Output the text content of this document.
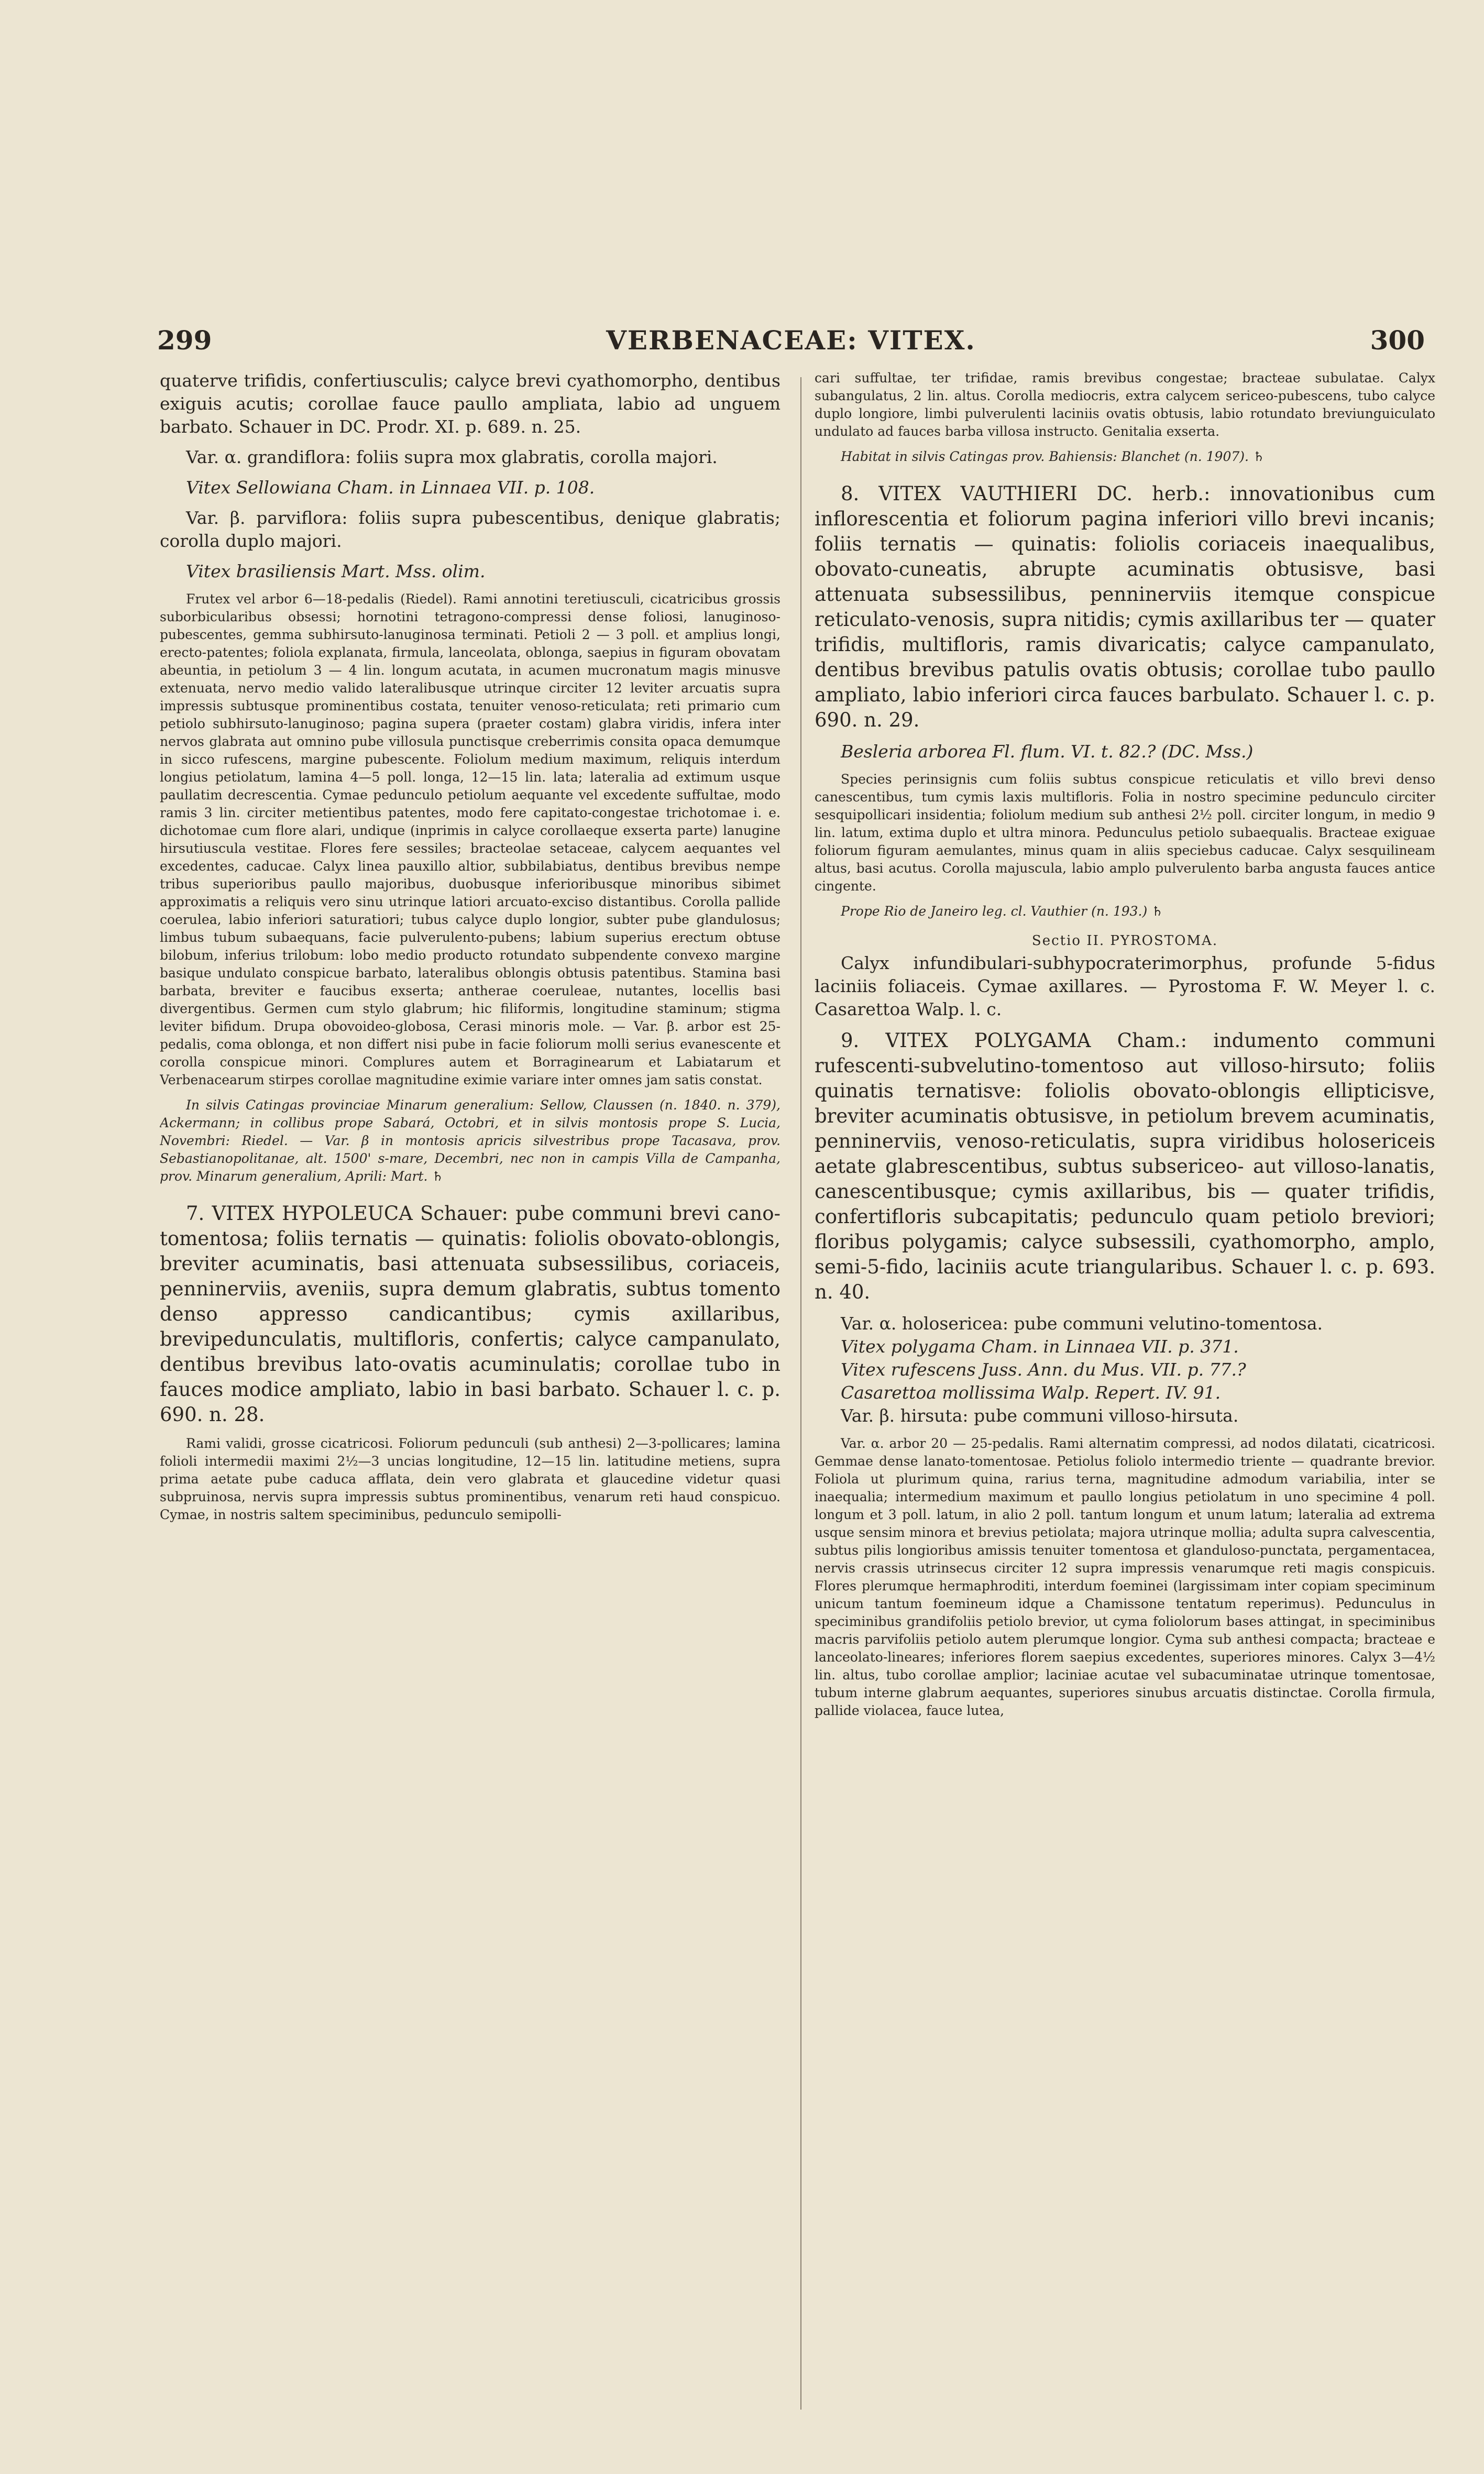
299	VERBENACEAE: VITEX.	300

quaterve trifidis, confertiusculis; calyce brevi cyathomorpho, dentibus exiguis acutis; corollae fauce paullo ampliata, labio ad unguem barbato. Schauer in DC. Prodr. XI. p. 689. n. 25.

Var. α. grandiflora: foliis supra mox glabratis, corolla majori.

Vitex Sellowiana Cham. in Linnaea VII. p. 108.

Var. β. parviflora: foliis supra pubescentibus, denique glabratis; corolla duplo majori.

Vitex brasiliensis Mart. Mss. olim.

Frutex vel arbor 6—18-pedalis (Riedel). Rami annotini teretiusculi, cicatricibus grossis suborbicularibus obsessi; hornotini tetragono-compressi dense foliosi, lanuginoso-pubescentes, gemma subhirsuto-lanuginosa terminati. Petioli 2 — 3 poll. et amplius longi, erecto-patentes; foliola explanata, firmula, lanceolata, oblonga, saepius in figuram obovatam abeuntia, in petiolum 3 — 4 lin. longum acutata, in acumen mucronatum magis minusve extenuata, nervo medio valido lateralibusque utrinque circiter 12 leviter arcuatis supra impressis subtusque prominentibus costata, tenuiter venoso-reticulata; reti primario cum petiolo subhirsuto-lanuginoso; pagina supera (praeter costam) glabra viridis, infera inter nervos glabrata aut omnino pube villosula punctisque creberrimis consita opaca demumque in sicco rufescens, margine pubescente. Foliolum medium maximum, reliquis interdum longius petiolatum, lamina 4—5 poll. longa, 12—15 lin. lata; lateralia ad extimum usque paullatim decrescentia. Cymae pedunculo petiolum aequante vel excedente suffultae, modo ramis 3 lin. circiter metientibus patentes, modo fere capitato-congestae trichotomae i. e. dichotomae cum flore alari, undique (inprimis in calyce corollaeque exserta parte) lanugine hirsutiuscula vestitae. Flores fere sessiles; bracteolae setaceae, calycem aequantes vel excedentes, caducae. Calyx linea pauxillo altior, subbilabiatus, dentibus brevibus nempe tribus superioribus paullo majoribus, duobusque inferioribusque minoribus sibimet approximatis a reliquis vero sinu utrinque latiori arcuato-exciso distantibus. Corolla pallide coerulea, labio inferiori saturatiori; tubus calyce duplo longior, subter pube glandulosus; limbus tubum subaequans, facie pulverulento-pubens; labium superius erectum obtuse bilobum, inferius trilobum: lobo medio producto rotundato subpendente convexo margine basique undulato conspicue barbato, lateralibus oblongis obtusis patentibus. Stamina basi barbata, breviter e faucibus exserta; antherae coeruleae, nutantes, locellis basi divergentibus. Germen cum stylo glabrum; hic filiformis, longitudine staminum; stigma leviter bifidum. Drupa obovoideo-globosa, Cerasi minoris mole. — Var. β. arbor est 25-pedalis, coma oblonga, et non differt nisi pube in facie foliorum molli serius evanescente et corolla conspicue minori. Complures autem et Borraginearum et Labiatarum et Verbenacearum stirpes corollae magnitudine eximie variare inter omnes jam satis constat.

In silvis Catingas provinciae Minarum generalium: Sellow, Claussen (n. 1840. n. 379), Ackermann; in collibus prope Sabará, Octobri, et in silvis montosis prope S. Lucia, Novembri: Riedel. — Var. β in montosis apricis silvestribus prope Tacasava, prov. Sebastianopolitanae, alt. 1500' s-mare, Decembri, nec non in campis Villa de Campanha, prov. Minarum generalium, Aprili: Mart. ♄

7. VITEX HYPOLEUCA Schauer: pube communi brevi cano-tomentosa; foliis ternatis — quinatis: foliolis obovato-oblongis, breviter acuminatis, basi attenuata subsessilibus, coriaceis, penninerviis, aveniis, supra demum glabratis, subtus tomento denso appresso candicantibus; cymis axillaribus, brevipedunculatis, multifloris, confertis; calyce campanulato, dentibus brevibus lato-ovatis acuminulatis; corollae tubo in fauces modice ampliato, labio in basi barbato. Schauer l. c. p. 690. n. 28.

Rami validi, grosse cicatricosi. Foliorum pedunculi (sub anthesi) 2—3-pollicares; lamina folioli intermedii maximi 2½—3 uncias longitudine, 12—15 lin. latitudine metiens, supra prima aetate pube caduca afflata, dein vero glabrata et glaucedine videtur quasi subpruinosa, nervis supra impressis subtus prominentibus, venarum reti haud conspicuo. Cymae, in nostris saltem speciminibus, pedunculo semipolli-

cari suffultae, ter trifidae, ramis brevibus congestae; bracteae subulatae. Calyx subangulatus, 2 lin. altus. Corolla mediocris, extra calycem sericeo-pubescens, tubo calyce duplo longiore, limbi pulverulenti laciniis ovatis obtusis, labio rotundato breviunguiculato undulato ad fauces barba villosa instructo. Genitalia exserta.

Habitat in silvis Catingas prov. Bahiensis: Blanchet (n. 1907). ♄

8. VITEX VAUTHIERI DC. herb.: innovationibus cum inflorescentia et foliorum pagina inferiori villo brevi incanis; foliis ternatis — quinatis: foliolis coriaceis inaequalibus, obovato-cuneatis, abrupte acuminatis obtusisve, basi attenuata subsessilibus, penninerviis itemque conspicue reticulato-venosis, supra nitidis; cymis axillaribus ter — quater trifidis, multifloris, ramis divaricatis; calyce campanulato, dentibus brevibus patulis ovatis obtusis; corollae tubo paullo ampliato, labio inferiori circa fauces barbulato. Schauer l. c. p. 690. n. 29.

Besleria arborea Fl. flum. VI. t. 82.? (DC. Mss.)

Species perinsignis cum foliis subtus conspicue reticulatis et villo brevi denso canescentibus, tum cymis laxis multifloris. Folia in nostro specimine pedunculo circiter sesquipollicari insidentia; foliolum medium sub anthesi 2½ poll. circiter longum, in medio 9 lin. latum, extima duplo et ultra minora. Pedunculus petiolo subaequalis. Bracteae exiguae foliorum figuram aemulantes, minus quam in aliis speciebus caducae. Calyx sesquilineam altus, basi acutus. Corolla majuscula, labio amplo pulverulento barba angusta fauces antice cingente.

Prope Rio de Janeiro leg. cl. Vauthier (n. 193.) ♄

Sectio II. PYROSTOMA.

Calyx infundibulari-subhypocraterimorphus, profunde 5-fidus laciniis foliaceis. Cymae axillares. — Pyrostoma F. W. Meyer l. c. Casarettoa Walp. l. c.

9. VITEX POLYGAMA Cham.: indumento communi rufescenti-subvelutino-tomentoso aut villoso-hirsuto; foliis quinatis ternatisve: foliolis obovato-oblongis ellipticisve, breviter acuminatis obtusisve, in petiolum brevem acuminatis, penninerviis, venoso-reticulatis, supra viridibus holosericeis aetate glabrescentibus, subtus subsericeo- aut villoso-lanatis, canescentibusque; cymis axillaribus, bis — quater trifidis, confertifloris subcapitatis; pedunculo quam petiolo breviori; floribus polygamis; calyce subsessili, cyathomorpho, amplo, semi-5-fido, laciniis acute triangularibus. Schauer l. c. p. 693. n. 40.

Var. α. holosericea: pube communi velutino-tomentosa.

Vitex polygama Cham. in Linnaea VII. p. 371.

Vitex rufescens Juss. Ann. du Mus. VII. p. 77.?

Casarettoa mollissima Walp. Repert. IV. 91.

Var. β. hirsuta: pube communi villoso-hirsuta.

Var. α. arbor 20 — 25-pedalis. Rami alternatim compressi, ad nodos dilatati, cicatricosi. Gemmae dense lanato-tomentosae. Petiolus foliolo intermedio triente — quadrante brevior. Foliola ut plurimum quina, rarius terna, magnitudine admodum variabilia, inter se inaequalia; intermedium maximum et paullo longius petiolatum in uno specimine 4 poll. longum et 3 poll. latum, in alio 2 poll. tantum longum et unum latum; lateralia ad extrema usque sensim minora et brevius petiolata; majora utrinque mollia; adulta supra calvescentia, subtus pilis longioribus amissis tenuiter tomentosa et glanduloso-punctata, pergamentacea, nervis crassis utrinsecus circiter 12 supra impressis venarumque reti magis conspicuis. Flores plerumque hermaphroditi, interdum foeminei (largissimam inter copiam speciminum unicum tantum foemineum idque a Chamissone tentatum reperimus). Pedunculus in speciminibus grandifoliis petiolo brevior, ut cyma foliolorum bases attingat, in speciminibus macris parvifoliis petiolo autem plerumque longior. Cyma sub anthesi compacta; bracteae e lanceolato-lineares; inferiores florem saepius excedentes, superiores minores. Calyx 3—4½ lin. altus, tubo corollae amplior; laciniae acutae vel subacuminatae utrinque tomentosae, tubum interne glabrum aequantes, superiores sinubus arcuatis distinctae. Corolla firmula, pallide violacea, fauce lutea,
